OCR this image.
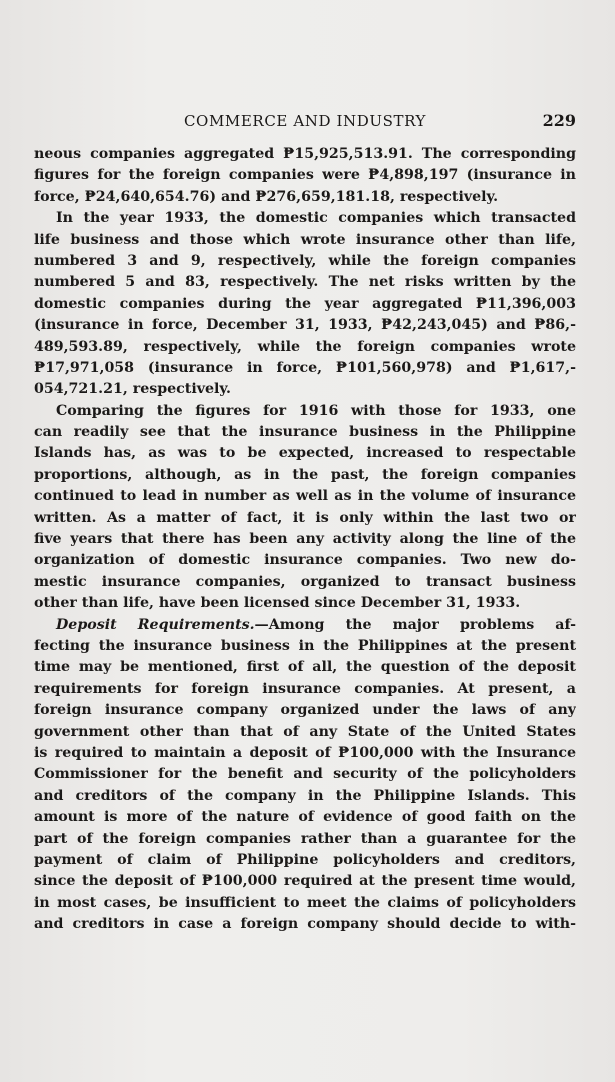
COMMERCE AND INDUSTRY	229
neous companies aggregated ₱15,925,513.91. The corresponding
figures for the foreign companies were ₱4,898,197 (insurance in
force, ₱24,640,654.76) and ₱276,659,181.18, respectively.
In the year 1933, the domestic companies which transacted
life business and those which wrote insurance other than life,
numbered 3 and 9, respectively, while the foreign companies
numbered 5 and 83, respectively. The net risks written by the
domestic companies during the year aggregated ₱11,396,003
(insurance in force, December 31, 1933, ₱42,243,045) and ₱86,-
489,593.89, respectively, while the foreign companies wrote
₱17,971,058 (insurance in force, ₱101,560,978) and ₱1,617,-
054,721.21, respectively.
Comparing the figures for 1916 with those for 1933, one
can readily see that the insurance business in the Philippine
Islands has, as was to be expected, increased to respectable
proportions, although, as in the past, the foreign companies
continued to lead in number as well as in the volume of insurance
written. As a matter of fact, it is only within the last two or
five years that there has been any activity along the line of the
organization of domestic insurance companies. Two new do-
mestic insurance companies, organized to transact business
other than life, have been licensed since December 31, 1933.
Deposit Requirements.—Among the major problems af-
fecting the insurance business in the Philippines at the present
time may be mentioned, first of all, the question of the deposit
requirements for foreign insurance companies. At present, a
foreign insurance company organized under the laws of any
government other than that of any State of the United States
is required to maintain a deposit of ₱100,000 with the Insurance
Commissioner for the benefit and security of the policyholders
and creditors of the company in the Philippine Islands. This
amount is more of the nature of evidence of good faith on the
part of the foreign companies rather than a guarantee for the
payment of claim of Philippine policyholders and creditors,
since the deposit of ₱100,000 required at the present time would,
in most cases, be insufficient to meet the claims of policyholders
and creditors in case a foreign company should decide to with-
